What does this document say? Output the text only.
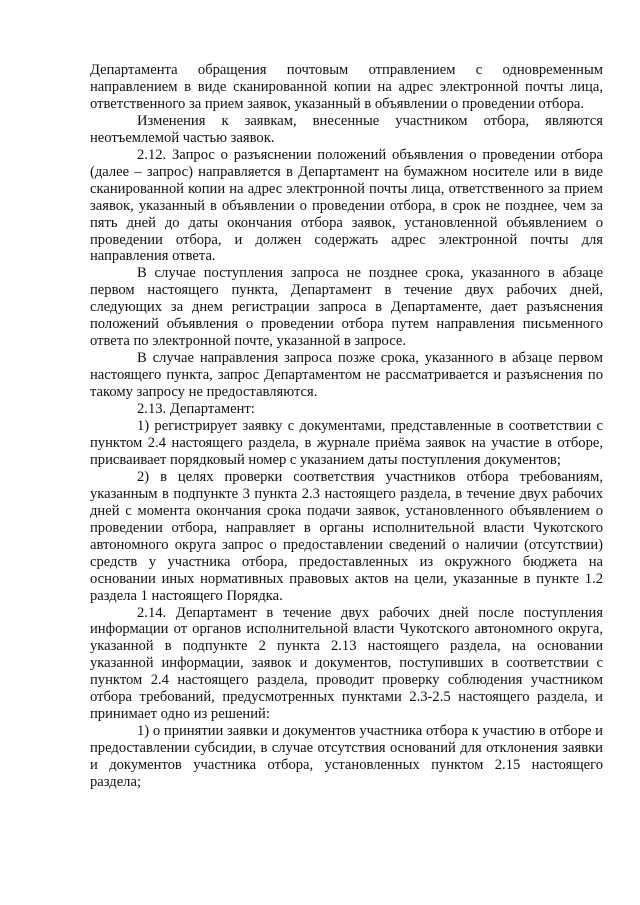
Департамента обращения почтовым отправлением с одновременным направлением в виде сканированной копии на адрес электронной почты лица, ответственного за прием заявок, указанный в объявлении о проведении отбора.

Изменения к заявкам, внесенные участником отбора, являются неотъемлемой частью заявок.

2.12. Запрос о разъяснении положений объявления о проведении отбора (далее – запрос) направляется в Департамент на бумажном носителе или в виде сканированной копии на адрес электронной почты лица, ответственного за прием заявок, указанный в объявлении о проведении отбора, в срок не позднее, чем за пять дней до даты окончания отбора заявок, установленной объявлением о проведении отбора, и должен содержать адрес электронной почты для направления ответа.

В случае поступления запроса не позднее срока, указанного в абзаце первом настоящего пункта, Департамент в течение двух рабочих дней, следующих за днем регистрации запроса в Департаменте, дает разъяснения положений объявления о проведении отбора путем направления письменного ответа по электронной почте, указанной в запросе.

В случае направления запроса позже срока, указанного в абзаце первом настоящего пункта, запрос Департаментом не рассматривается и разъяснения по такому запросу не предоставляются.

2.13. Департамент:

1) регистрирует заявку с документами, представленные в соответствии с пунктом 2.4 настоящего раздела, в журнале приёма заявок на участие в отборе, присваивает порядковый номер с указанием даты поступления документов;

2) в целях проверки соответствия участников отбора требованиям, указанным в подпункте 3 пункта 2.3 настоящего раздела, в течение двух рабочих дней с момента окончания срока подачи заявок, установленного объявлением о проведении отбора, направляет в органы исполнительной власти Чукотского автономного округа запрос о предоставлении сведений о наличии (отсутствии) средств у участника отбора, предоставленных из окружного бюджета на основании иных нормативных правовых актов на цели, указанные в пункте 1.2 раздела 1 настоящего Порядка.

2.14. Департамент в течение двух рабочих дней после поступления информации от органов исполнительной власти Чукотского автономного округа, указанной в подпункте 2 пункта 2.13 настоящего раздела, на основании указанной информации, заявок и документов, поступивших в соответствии с пунктом 2.4 настоящего раздела, проводит проверку соблюдения участником отбора требований, предусмотренных пунктами 2.3-2.5 настоящего раздела, и принимает одно из решений:

1) о принятии заявки и документов участника отбора к участию в отборе и предоставлении субсидии, в случае отсутствия оснований для отклонения заявки и документов участника отбора, установленных пунктом 2.15 настоящего раздела;
